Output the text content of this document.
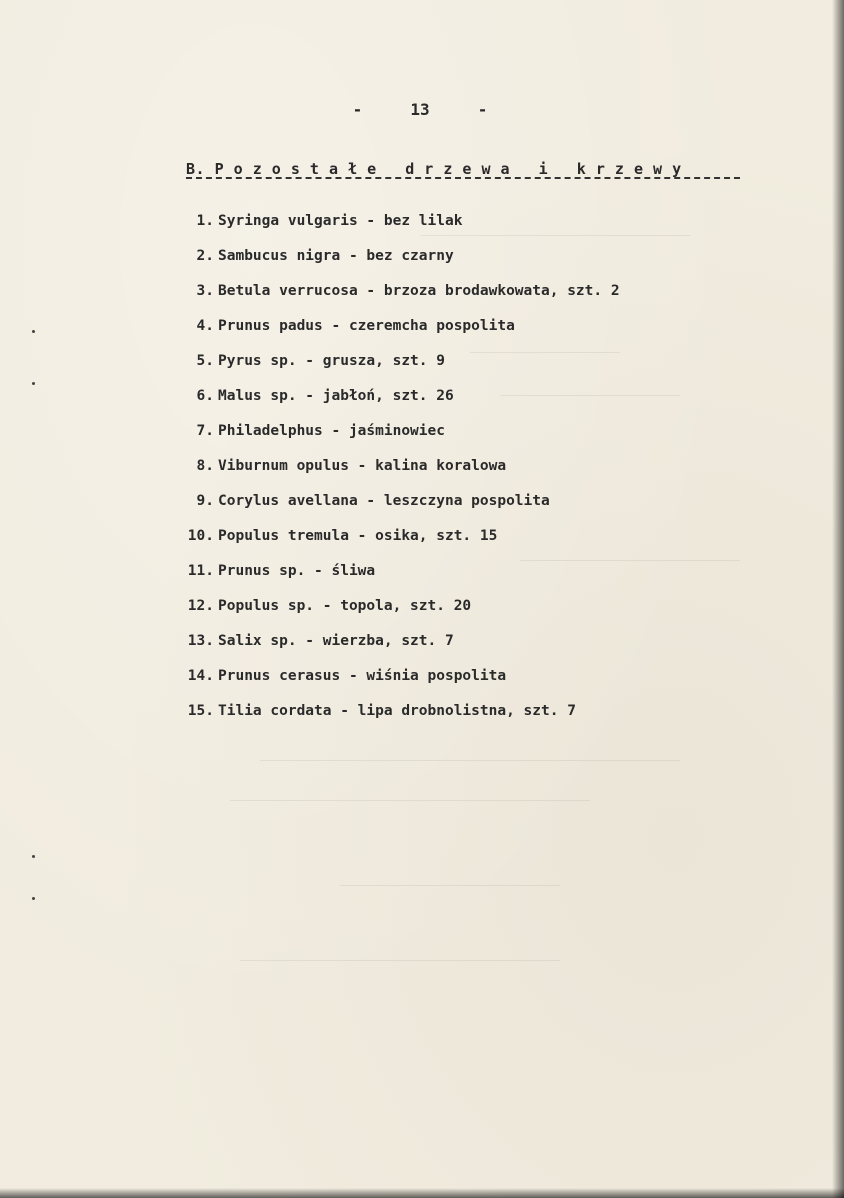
-     13     -
B. P o z o s t a ł e   d r z e w a   i   k r z e w y
1. Syringa vulgaris - bez lilak
2. Sambucus nigra - bez czarny
3. Betula verrucosa - brzoza brodawkowata, szt. 2
4. Prunus padus - czeremcha pospolita
5. Pyrus sp. - grusza, szt. 9
6. Malus sp. - jabłoń, szt. 26
7. Philadelphus - jaśminowiec
8. Viburnum opulus - kalina koralowa
9. Corylus avellana - leszczyna pospolita
10. Populus tremula - osika, szt. 15
11. Prunus sp. - śliwa
12. Populus sp. - topola, szt. 20
13. Salix sp. - wierzba, szt. 7
14. Prunus cerasus - wiśnia pospolita
15. Tilia cordata - lipa drobnolistna, szt. 7
